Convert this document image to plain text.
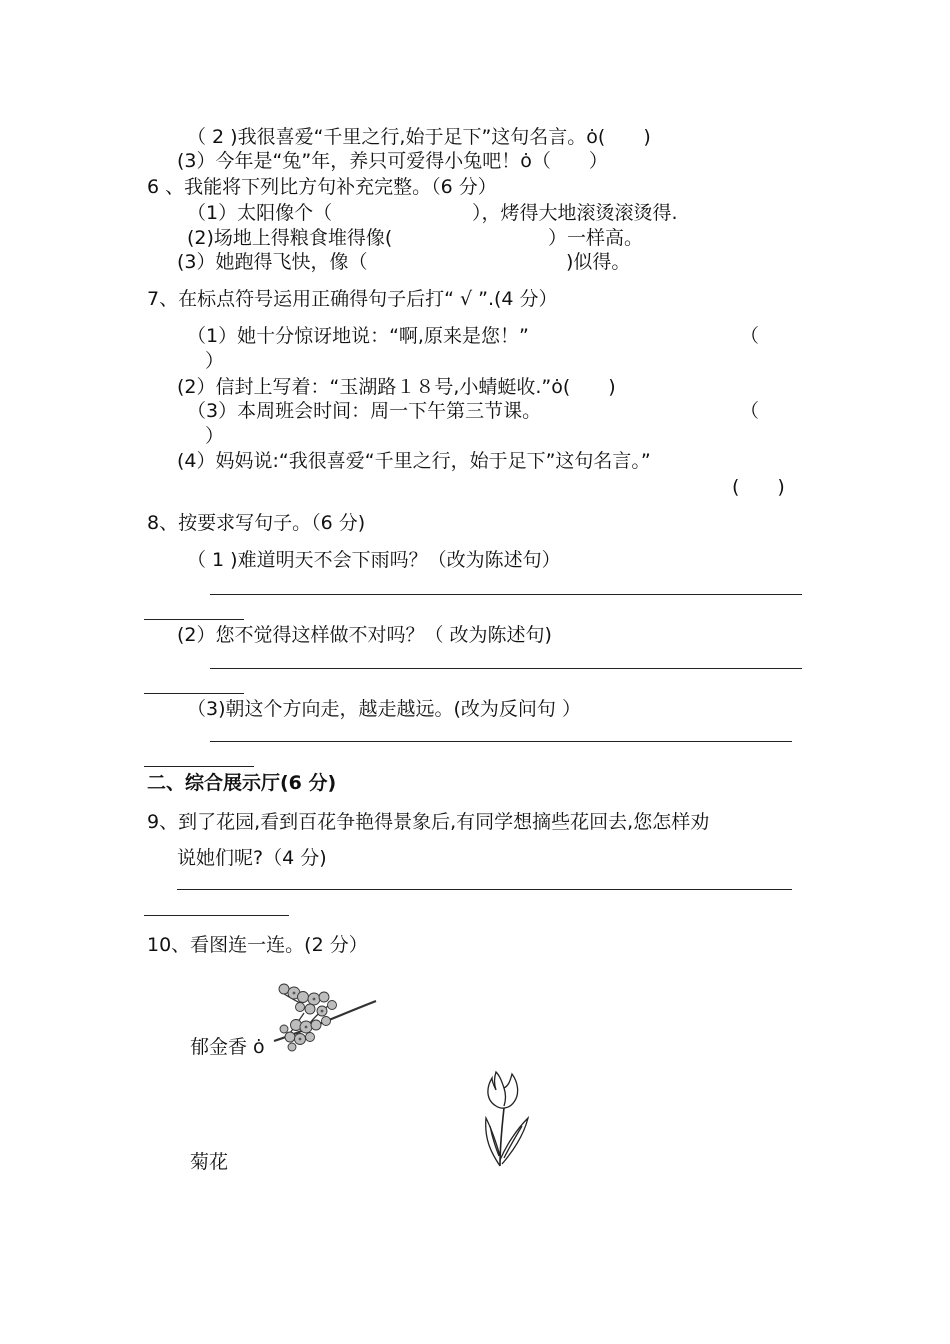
（ 2 )我很喜爱“千里之行,始于足下”这句名言。ȯ(　　)
(3）今年是“兔”年，养只可爱得小兔吧！ȯ（　　）
6 、我能将下列比方句补充完整。（6 分）
（1）太阳像个（	），烤得大地滚烫滚烫得.
(2)场地上得粮食堆得像(	）一样高。
(3）她跑得飞快，像（	)似得。
7、在标点符号运用正确得句子后打“ √ ”.(4 分）
（1）她十分惊讶地说：“啊,原来是您！”	（
）
(2）信封上写着：“玉湖路１８号,小蜻蜓收.”ȯ(　　)
（3）本周班会时间：周一下午第三节课。	（
）
(4）妈妈说:“我很喜爱“千里之行，始于足下”这句名言。”
(　　)
8、按要求写句子。（6 分)
（ 1 )难道明天不会下雨吗？（改为陈述句）
(2）您不觉得这样做不对吗？（ 改为陈述句)
（3)朝这个方向走，越走越远。(改为反问句 ）
二、综合展示厅(6 分)
9、到了花园,看到百花争艳得景象后,有同学想摘些花回去,您怎样劝
说她们呢?（4 分)
10、看图连一连。(2 分）
郁金香 ȯ
菊花
